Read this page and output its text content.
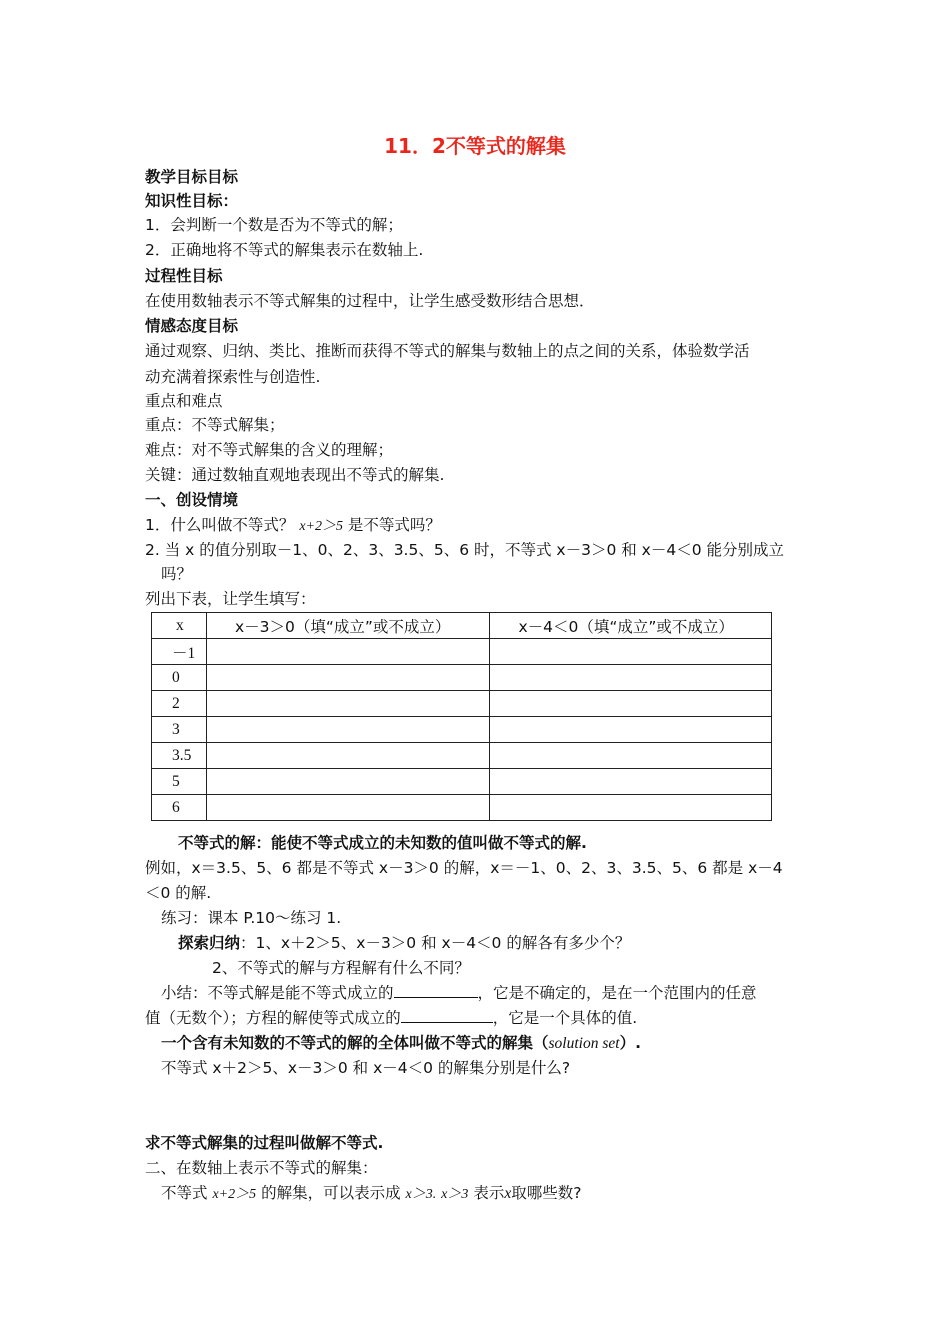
11．2不等式的解集
教学目标目标
知识性目标：
1．会判断一个数是否为不等式的解；
2．正确地将不等式的解集表示在数轴上.
过程性目标
在使用数轴表示不等式解集的过程中，让学生感受数形结合思想．
情感态度目标
通过观察、归纳、类比、推断而获得不等式的解集与数轴上的点之间的关系，体验数学活
动充满着探索性与创造性.
重点和难点
重点：不等式解集；
难点：对不等式解集的含义的理解；
关键：通过数轴直观地表现出不等式的解集.
一、创设情境
1．什么叫做不等式？ x+2＞5 是不等式吗？
2. 当 x 的值分别取－1、0、2、3、3.5、5、6 时，不等式 x－3＞0 和 x－4＜0 能分别成立
吗？
列出下表，让学生填写：
x	x－3＞0（填“成立”或不成立）	x－4＜0（填“成立”或不成立）
－1		
0		
2		
3		
3.5		
5		
6		
不等式的解：能使不等式成立的未知数的值叫做不等式的解.
例如，x＝3.5、5、6 都是不等式 x－3＞0 的解，x＝－1、0、2、3、3.5、5、6 都是 x－4
＜0 的解.
练习：课本 P.10～练习 1.
探索归纳：1、x＋2＞5、x－3＞0 和 x－4＜0 的解各有多少个？
2、不等式的解与方程解有什么不同？
小结：不等式解是能不等式成立的	，它是不确定的，是在一个范围内的任意
值（无数个）；方程的解使等式成立的	，它是一个具体的值.
一个含有未知数的不等式的解的全体叫做不等式的解集（solution set）.
不等式 x＋2＞5、x－3＞0 和 x－4＜0 的解集分别是什么?
求不等式解集的过程叫做解不等式.
二、在数轴上表示不等式的解集：
不等式 x+2＞5 的解集，可以表示成 x＞3. x＞3 表示x取哪些数?
